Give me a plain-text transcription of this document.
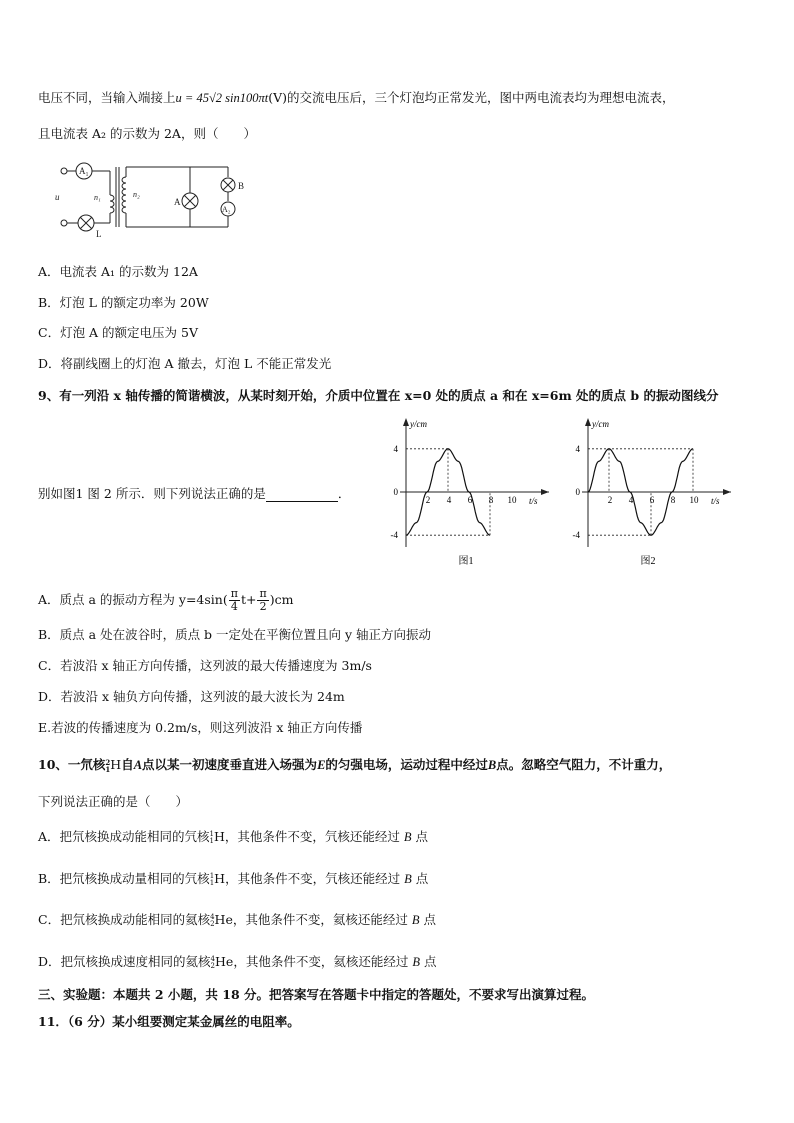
电压不同，当输入端接上u = 45√2 sin100πt(V)的交流电压后，三个灯泡均正常发光，图中两电流表均为理想电流表，
且电流表 A₂ 的示数为 2A，则（　　）
A₁
A₂
u	n₁	n₂
L
A
B
A．电流表 A₁ 的示数为 12A
B．灯泡 L 的额定功率为 20W
C．灯泡 A 的额定电压为 5V
D．将副线圈上的灯泡 A 撤去，灯泡 L 不能正常发光
9、有一列沿 x 轴传播的简谐横波，从某时刻开始，介质中位置在 x=0 处的质点 a 和在 x=6m 处的质点 b 的振动图线分
别如图1 图 2 所示．则下列说法正确的是	．
y/cm
t/s
4
0
-4
2 4 6 8 10
图1
y/cm
t/s
4
0
-4
2 4 6 8 10
图2
A．质点 a 的振动方程为 $y=4\sin( \frac{\pi}{4} t+ \frac{\pi}{2} )cm$
B．质点 a 处在波谷时，质点 b 一定处在平衡位置且向 y 轴正方向振动
C．若波沿 x 轴正方向传播，这列波的最大传播速度为 3m/s
D．若波沿 x 轴负方向传播，这列波的最大波长为 24m
E.若波的传播速度为 0.2m/s，则这列波沿 x 轴正方向传播
10、一氘核 2
1 H自A点以某一初速度垂直进入场强为E的匀强电场，运动过程中经过B点。忽略空气阻力，不计重力，
下列说法正确的是（　　）
A．把氘核换成动能相同的氕核 1
1 H，其他条件不变，氕核还能经过 B 点
B．把氘核换成动量相同的氕核 1
1 H，其他条件不变，氕核还能经过 B 点
C．把氘核换成动能相同的氦核 4
2 He，其他条件不变，氦核还能经过 B 点
D．把氘核换成速度相同的氦核 4
2 He，其他条件不变，氦核还能经过 B 点
三、实验题：本题共 2 小题，共 18 分。把答案写在答题卡中指定的答题处，不要求写出演算过程。
11．（6 分）某小组要测定某金属丝的电阻率。
